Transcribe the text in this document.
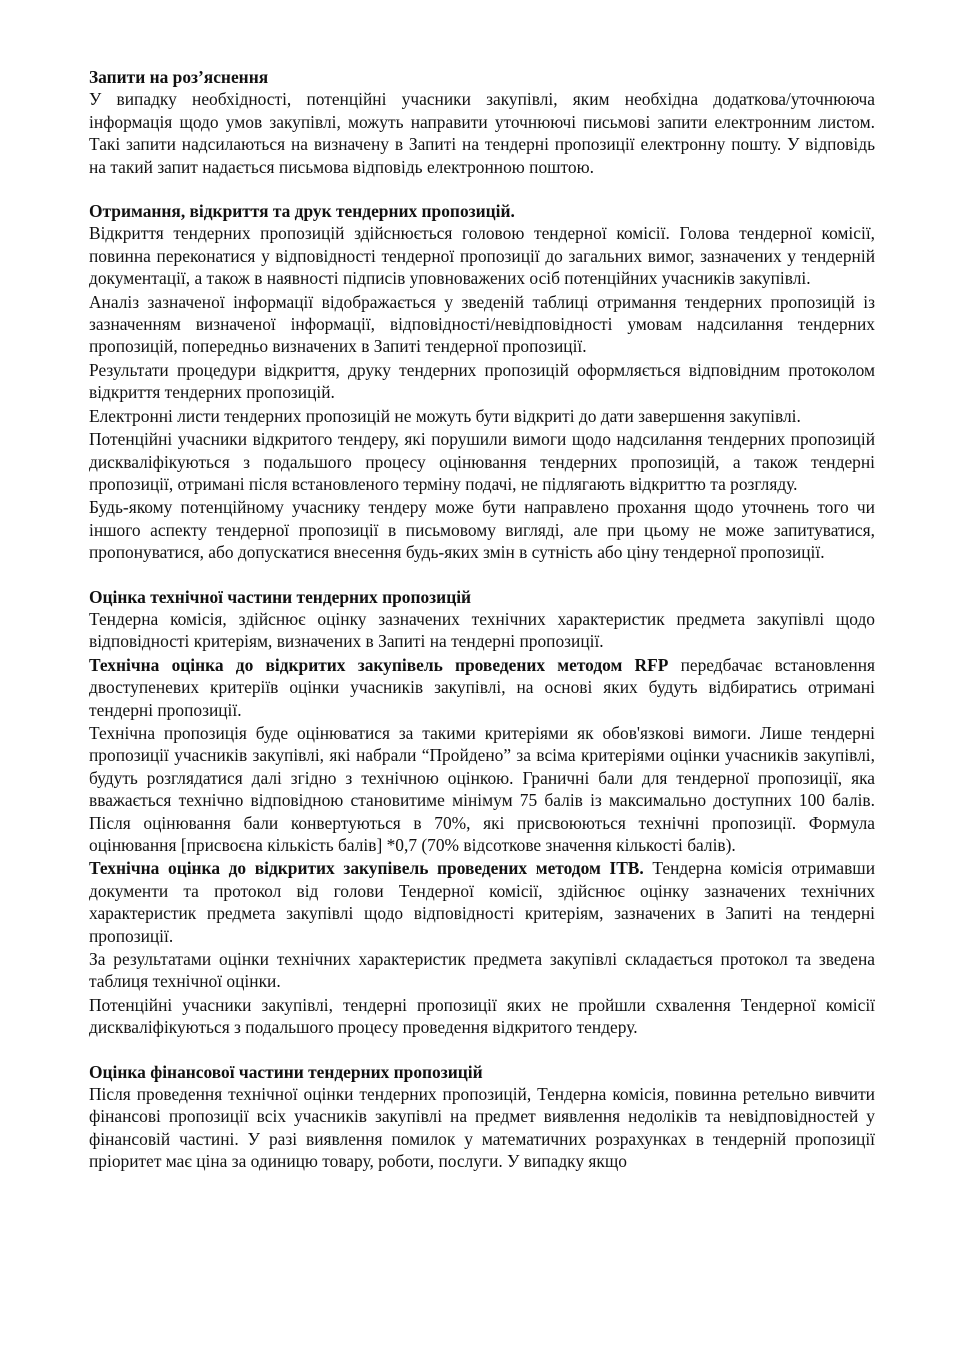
Запити на роз’яснення

У випадку необхідності, потенційні учасники закупівлі, яким необхідна додаткова/уточнююча інформація щодо умов закупівлі, можуть направити уточнюючі письмові запити електронним листом. Такі запити надсилаються на визначену в Запиті на тендерні пропозиції електронну пошту. У відповідь на такий запит надається письмова відповідь електронною поштою.

Отримання, відкриття та друк тендерних пропозицій.

Відкриття тендерних пропозицій здійснюється головою тендерної комісії. Голова тендерної комісії, повинна переконатися у відповідності тендерної пропозиції до загальних вимог, зазначених у тендерній документації, а також в наявності підписів уповноважених осіб потенційних учасників закупівлі.

Аналіз зазначеної інформації відображається у зведеній таблиці отримання тендерних пропозицій із зазначенням визначеної інформації, відповідності/невідповідності умовам надсилання тендерних пропозицій, попередньо визначених в Запиті тендерної пропозиції.

Результати процедури відкриття, друку тендерних пропозицій оформляється відповідним протоколом відкриття тендерних пропозицій.

Електронні листи тендерних пропозицій не можуть бути відкриті до дати завершення закупівлі.

Потенційні учасники відкритого тендеру, які порушили вимоги щодо надсилання тендерних пропозицій дискваліфікуються з подальшого процесу оцінювання тендерних пропозицій, а також тендерні пропозиції, отримані після встановленого терміну подачі, не підлягають відкриттю та розгляду.

Будь-якому потенційному учаснику тендеру може бути направлено прохання щодо уточнень того чи іншого аспекту тендерної пропозиції в письмовому вигляді, але при цьому не може запитуватися, пропонуватися, або допускатися внесення будь-яких змін в сутність або ціну тендерної пропозиції.

Оцінка технічної частини тендерних пропозицій

Тендерна комісія, здійснює оцінку зазначених технічних характеристик предмета закупівлі щодо відповідності критеріям, визначених в Запиті на тендерні пропозиції.

Технічна оцінка до відкритих закупівель проведених методом RFP передбачає встановлення двоступеневих критеріїв оцінки учасників закупівлі, на основі яких будуть відбиратись отримані тендерні пропозиції.

Технічна пропозиція буде оцінюватися за такими критеріями як обов'язкові вимоги. Лише тендерні пропозиції учасників закупівлі, які набрали “Пройдено” за всіма критеріями оцінки учасників закупівлі, будуть розглядатися далі згідно з технічною оцінкою. Граничні бали для тендерної пропозиції, яка вважається технічно відповідною становитиме мінімум 75 балів із максимально доступних 100 балів. Після оцінювання бали конвертуються в 70%, які присвоюються технічні пропозиції. Формула оцінювання [присвоєна кількість балів] *0,7 (70% відсоткове значення кількості балів).

Технічна оцінка до відкритих закупівель проведених методом ІТВ. Тендерна комісія отримавши документи та протокол від голови Тендерної комісії, здійснює оцінку зазначених технічних характеристик предмета закупівлі щодо відповідності критеріям, зазначених в Запиті на тендерні пропозиції.

За результатами оцінки технічних характеристик предмета закупівлі складається протокол та зведена таблиця технічної оцінки.

Потенційні учасники закупівлі, тендерні пропозиції яких не пройшли схвалення Тендерної комісії дискваліфікуються з подальшого процесу проведення відкритого тендеру.

Оцінка фінансової частини тендерних пропозицій

Після проведення технічної оцінки тендерних пропозицій, Тендерна комісія, повинна ретельно вивчити фінансові пропозиції всіх учасників закупівлі на предмет виявлення недоліків та невідповідностей у фінансовій частині. У разі виявлення помилок у математичних розрахунках в тендерній пропозиції пріоритет має ціна за одиницю товару, роботи, послуги. У випадку якщо
